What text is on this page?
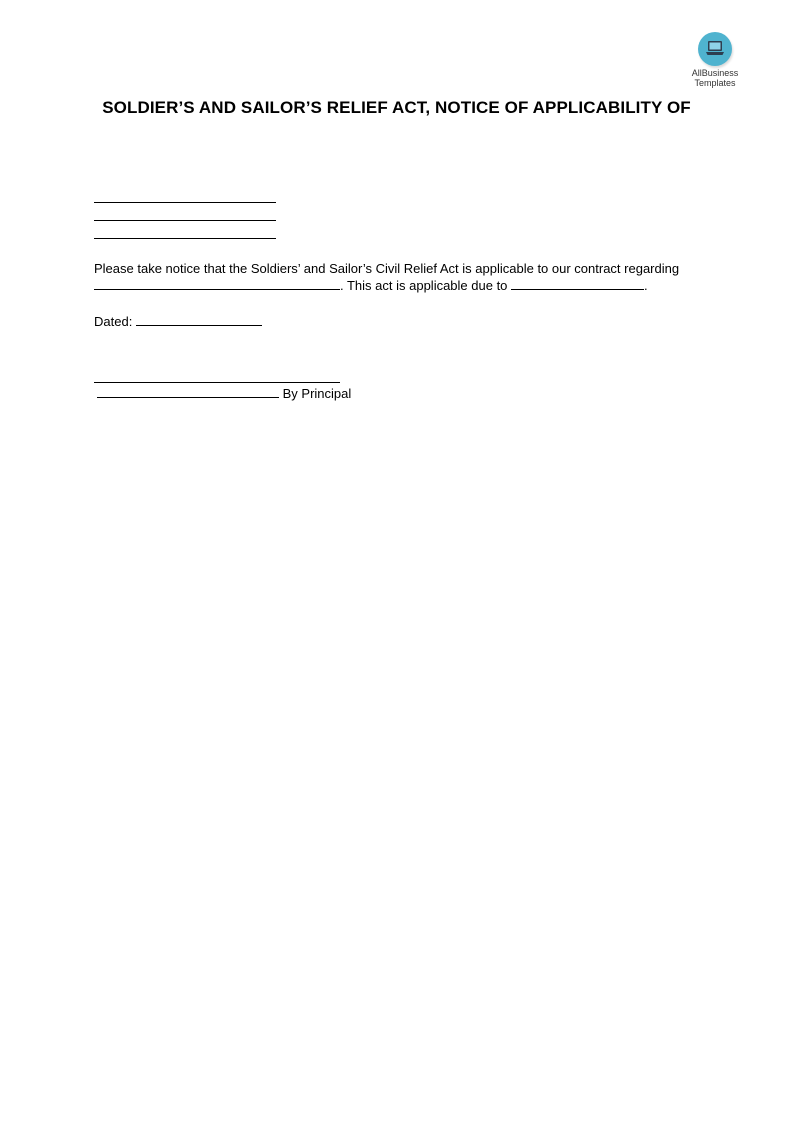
AllBusiness
Templates
SOLDIER’S AND SAILOR’S RELIEF ACT, NOTICE OF APPLICABILITY OF
Please take notice that the Soldiers’ and Sailor’s Civil Relief Act is applicable to our contract regarding
. This act is applicable due to	.
Dated:
By Principal
